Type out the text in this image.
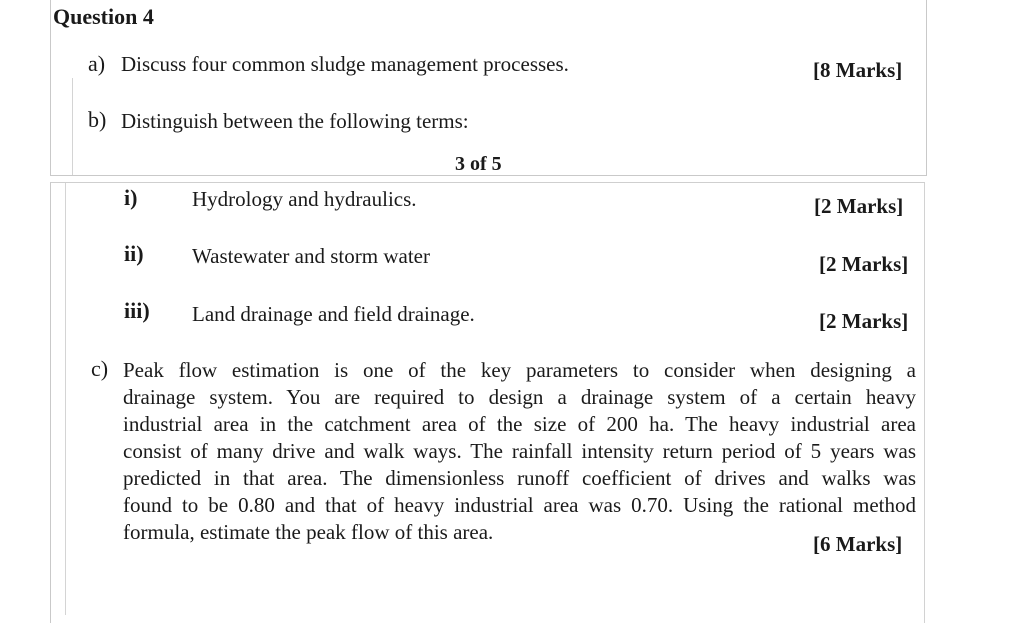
Question 4
a) Discuss four common sludge management processes.	[8 Marks]
b) Distinguish between the following terms:
3 of 5
i)	Hydrology and hydraulics.	[2 Marks]
ii) Wastewater and storm water	[2 Marks]
iii) Land drainage and field drainage.	[2 Marks]
c) Peak flow estimation is one of the key parameters to consider when designing a
drainage system. You are required to design a drainage system of a certain heavy
industrial area in the catchment area of the size of 200 ha. The heavy industrial area
consist of many drive and walk ways. The rainfall intensity return period of 5 years was
predicted in that area. The dimensionless runoff coefficient of drives and walks was
found to be 0.80 and that of heavy industrial area was 0.70. Using the rational method
formula, estimate the peak flow of this area.	[6 Marks]
